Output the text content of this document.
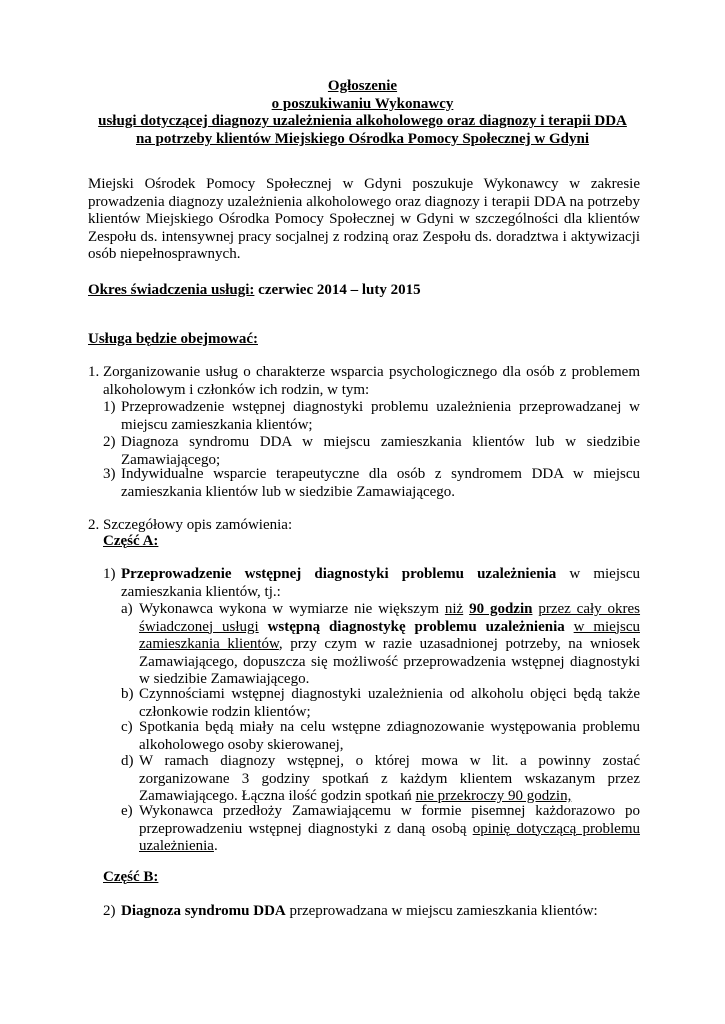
Ogłoszenie
o poszukiwaniu Wykonawcy
usługi dotyczącej diagnozy uzależnienia alkoholowego oraz diagnozy i terapii DDA
na potrzeby klientów Miejskiego Ośrodka Pomocy Społecznej w Gdyni
Miejski Ośrodek Pomocy Społecznej w Gdyni poszukuje Wykonawcy w zakresie prowadzenia diagnozy uzależnienia alkoholowego oraz diagnozy i terapii DDA na potrzeby klientów Miejskiego Ośrodka Pomocy Społecznej w Gdyni w szczególności dla klientów Zespołu ds. intensywnej pracy socjalnej z rodziną oraz Zespołu ds. doradztwa i aktywizacji osób niepełnosprawnych.
Okres świadczenia usługi: czerwiec 2014 – luty 2015
Usługa będzie obejmować:
1. Zorganizowanie usług o charakterze wsparcia psychologicznego dla osób z problemem alkoholowym i członków ich rodzin, w tym:
1) Przeprowadzenie wstępnej diagnostyki problemu uzależnienia przeprowadzanej w miejscu zamieszkania klientów;
2) Diagnoza syndromu DDA w miejscu zamieszkania klientów lub w siedzibie Zamawiającego;
3) Indywidualne wsparcie terapeutyczne dla osób z syndromem DDA w miejscu zamieszkania klientów lub w siedzibie Zamawiającego.
2. Szczegółowy opis zamówienia:
Część A:
1) Przeprowadzenie wstępnej diagnostyki problemu uzależnienia w miejscu zamieszkania klientów, tj.:
a) Wykonawca wykona w wymiarze nie większym niż 90 godzin przez cały okres świadczonej usługi wstępną diagnostykę problemu uzależnienia w miejscu zamieszkania klientów, przy czym w razie uzasadnionej potrzeby, na wniosek Zamawiającego, dopuszcza się możliwość przeprowadzenia wstępnej diagnostyki w siedzibie Zamawiającego.
b) Czynnościami wstępnej diagnostyki uzależnienia od alkoholu objęci będą także członkowie rodzin klientów;
c) Spotkania będą miały na celu wstępne zdiagnozowanie występowania problemu alkoholowego osoby skierowanej,
d) W ramach diagnozy wstępnej, o której mowa w lit. a powinny zostać zorganizowane 3 godziny spotkań z każdym klientem wskazanym przez Zamawiającego. Łączna ilość godzin spotkań nie przekroczy 90 godzin,
e) Wykonawca przedłoży Zamawiającemu w formie pisemnej każdorazowo po przeprowadzeniu wstępnej diagnostyki z daną osobą opinię dotyczącą problemu uzależnienia.
Część B:
2) Diagnoza syndromu DDA przeprowadzana w miejscu zamieszkania klientów:
